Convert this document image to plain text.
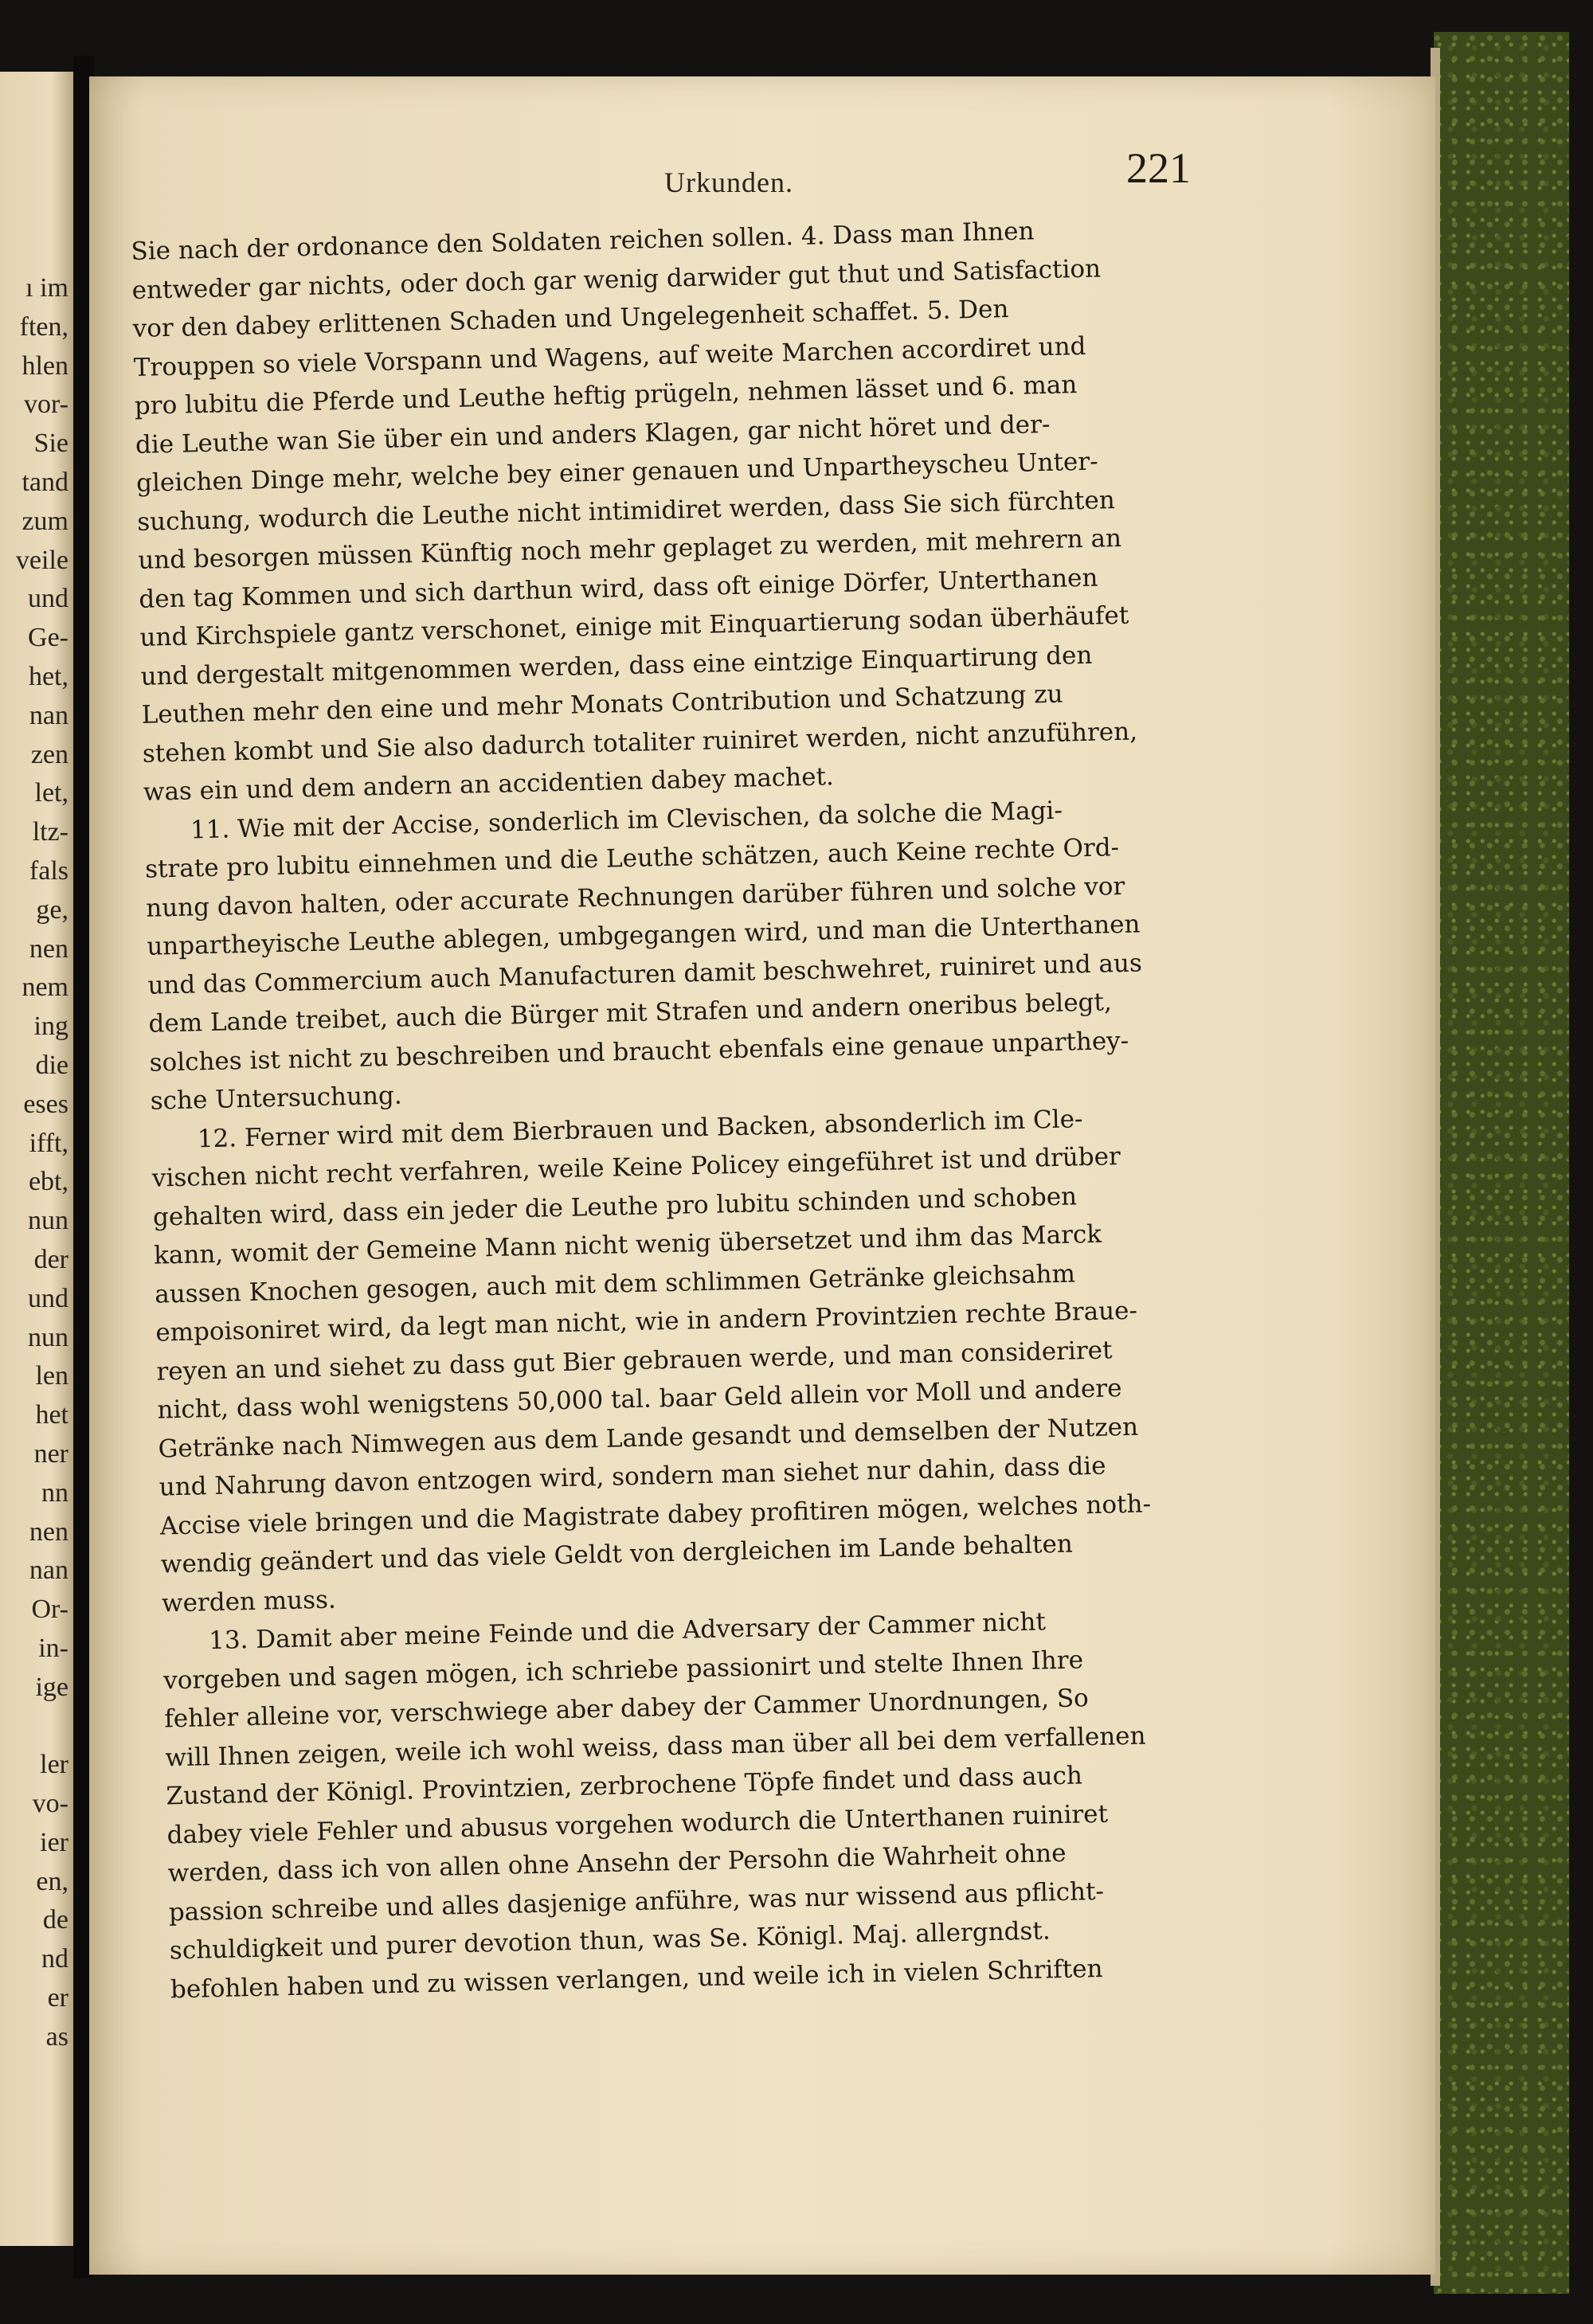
ı im
ften,
hlen
vor-
Sie
tand
zum
veile
und
Ge-
het,
nan
zen
let,
ltz-
fals
ge,
nen
nem
ing
die
eses
ifft,
ebt,
nun
der
und
nun
len
het
ner
nn
nen
nan
Or-
in-
ige
ler
vo-
ier
en,
de
nd
er
as
Urkunden.	221
Sie nach der ordonance den Soldaten reichen sollen. 4. Dass man Ihnen
entweder gar nichts, oder doch gar wenig darwider gut thut und Satisfaction
vor den dabey erlittenen Schaden und Ungelegenheit schaffet. 5. Den
Trouppen so viele Vorspann und Wagens, auf weite Marchen accordiret und
pro lubitu die Pferde und Leuthe heftig prügeln, nehmen lässet und 6. man
die Leuthe wan Sie über ein und anders Klagen, gar nicht höret und der-
gleichen Dinge mehr, welche bey einer genauen und Unpartheyscheu Unter-
suchung, wodurch die Leuthe nicht intimidiret werden, dass Sie sich fürchten
und besorgen müssen Künftig noch mehr geplaget zu werden, mit mehrern an
den tag Kommen und sich darthun wird, dass oft einige Dörfer, Unterthanen
und Kirchspiele gantz verschonet, einige mit Einquartierung sodan überhäufet
und dergestalt mitgenommen werden, dass eine eintzige Einquartirung den
Leuthen mehr den eine und mehr Monats Contribution und Schatzung zu
stehen kombt und Sie also dadurch totaliter ruiniret werden, nicht anzuführen,
was ein und dem andern an accidentien dabey machet.
11. Wie mit der Accise, sonderlich im Clevischen, da solche die Magi-
strate pro lubitu einnehmen und die Leuthe schätzen, auch Keine rechte Ord-
nung davon halten, oder accurate Rechnungen darüber führen und solche vor
unpartheyische Leuthe ablegen, umbgegangen wird, und man die Unterthanen
und das Commercium auch Manufacturen damit beschwehret, ruiniret und aus
dem Lande treibet, auch die Bürger mit Strafen und andern oneribus belegt,
solches ist nicht zu beschreiben und braucht ebenfals eine genaue unparthey-
sche Untersuchung.
12. Ferner wird mit dem Bierbrauen und Backen, absonderlich im Cle-
vischen nicht recht verfahren, weile Keine Policey eingeführet ist und drüber
gehalten wird, dass ein jeder die Leuthe pro lubitu schinden und schoben
kann, womit der Gemeine Mann nicht wenig übersetzet und ihm das Marck
aussen Knochen gesogen, auch mit dem schlimmen Getränke gleichsahm
empoisoniret wird, da legt man nicht, wie in andern Provintzien rechte Braue-
reyen an und siehet zu dass gut Bier gebrauen werde, und man consideriret
nicht, dass wohl wenigstens 50,000 tal. baar Geld allein vor Moll und andere
Getränke nach Nimwegen aus dem Lande gesandt und demselben der Nutzen
und Nahrung davon entzogen wird, sondern man siehet nur dahin, dass die
Accise viele bringen und die Magistrate dabey profitiren mögen, welches noth-
wendig geändert und das viele Geldt von dergleichen im Lande behalten
werden muss.
13. Damit aber meine Feinde und die Adversary der Cammer nicht
vorgeben und sagen mögen, ich schriebe passionirt und stelte Ihnen Ihre
fehler alleine vor, verschwiege aber dabey der Cammer Unordnungen, So
will Ihnen zeigen, weile ich wohl weiss, dass man über all bei dem verfallenen
Zustand der Königl. Provintzien, zerbrochene Töpfe findet und dass auch
dabey viele Fehler und abusus vorgehen wodurch die Unterthanen ruiniret
werden, dass ich von allen ohne Ansehn der Persohn die Wahrheit ohne
passion schreibe und alles dasjenige anführe, was nur wissend aus pflicht-
schuldigkeit und purer devotion thun, was Se. Königl. Maj. allergndst.
befohlen haben und zu wissen verlangen, und weile ich in vielen Schriften
